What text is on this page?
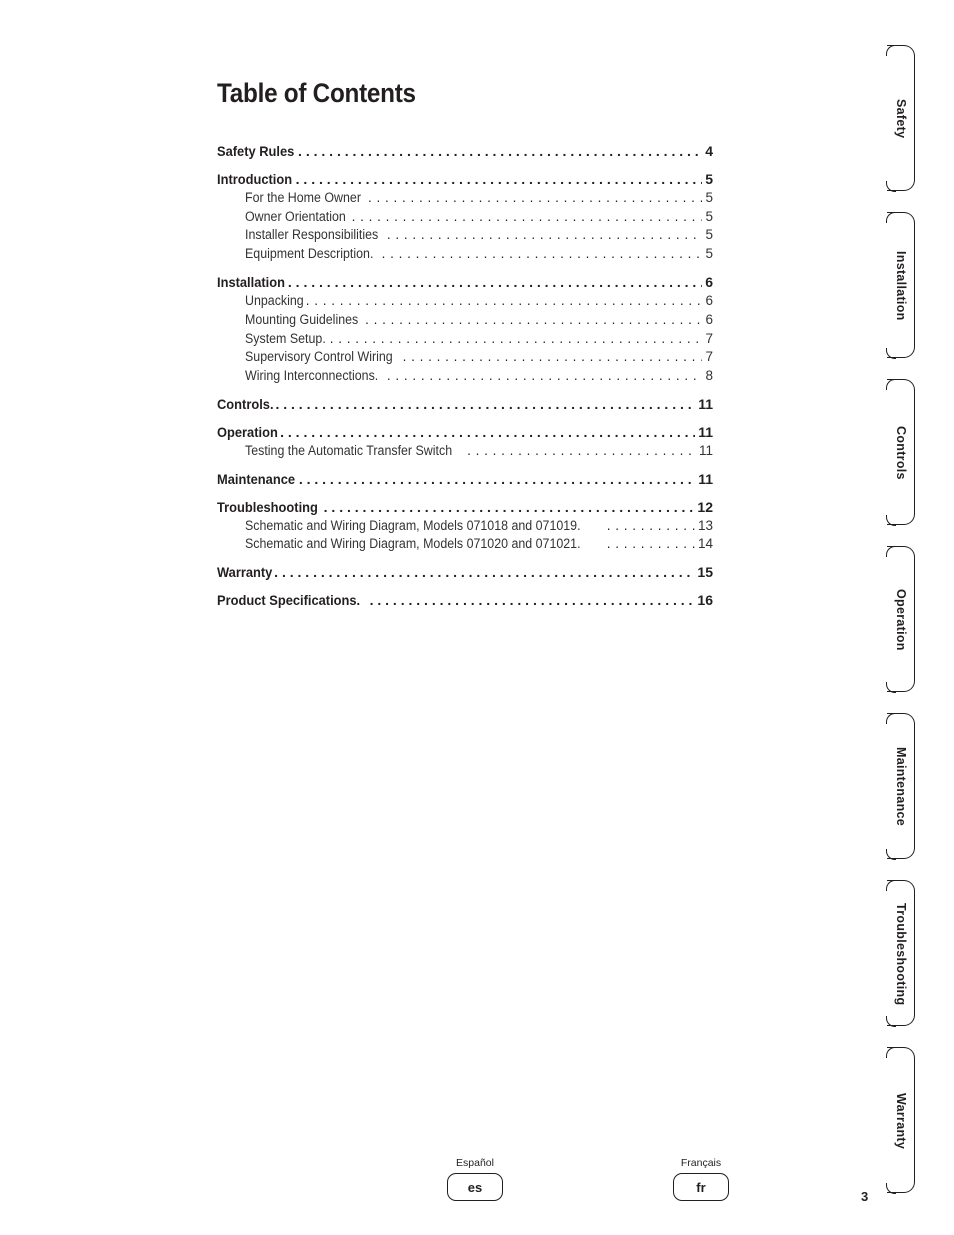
Table of Contents
Safety Rules . . .	4
Introduction . . .	5
For the Home Owner . . .	5
Owner Orientation . . .	5
Installer Responsibilities . . .	5
Equipment Description. . . .	5
Installation . . .	6
Unpacking . . .	6
Mounting Guidelines . . .	6
System Setup. . . .	7
Supervisory Control Wiring . . .	7
Wiring Interconnections. . . .	8
Controls. . . .	11
Operation . . .	11
Testing the Automatic Transfer Switch . . .	11
Maintenance . . .	11
Troubleshooting . . .	12
Schematic and Wiring Diagram, Models 071018 and 071019. . . .	13
Schematic and Wiring Diagram, Models 071020 and 071021. . . .	14
Warranty . . .	15
Product Specifications. . . .	16
Safety
Installation
Controls
Operation
Maintenance
Troubleshooting
Warranty
Español
es
Français
fr
3
